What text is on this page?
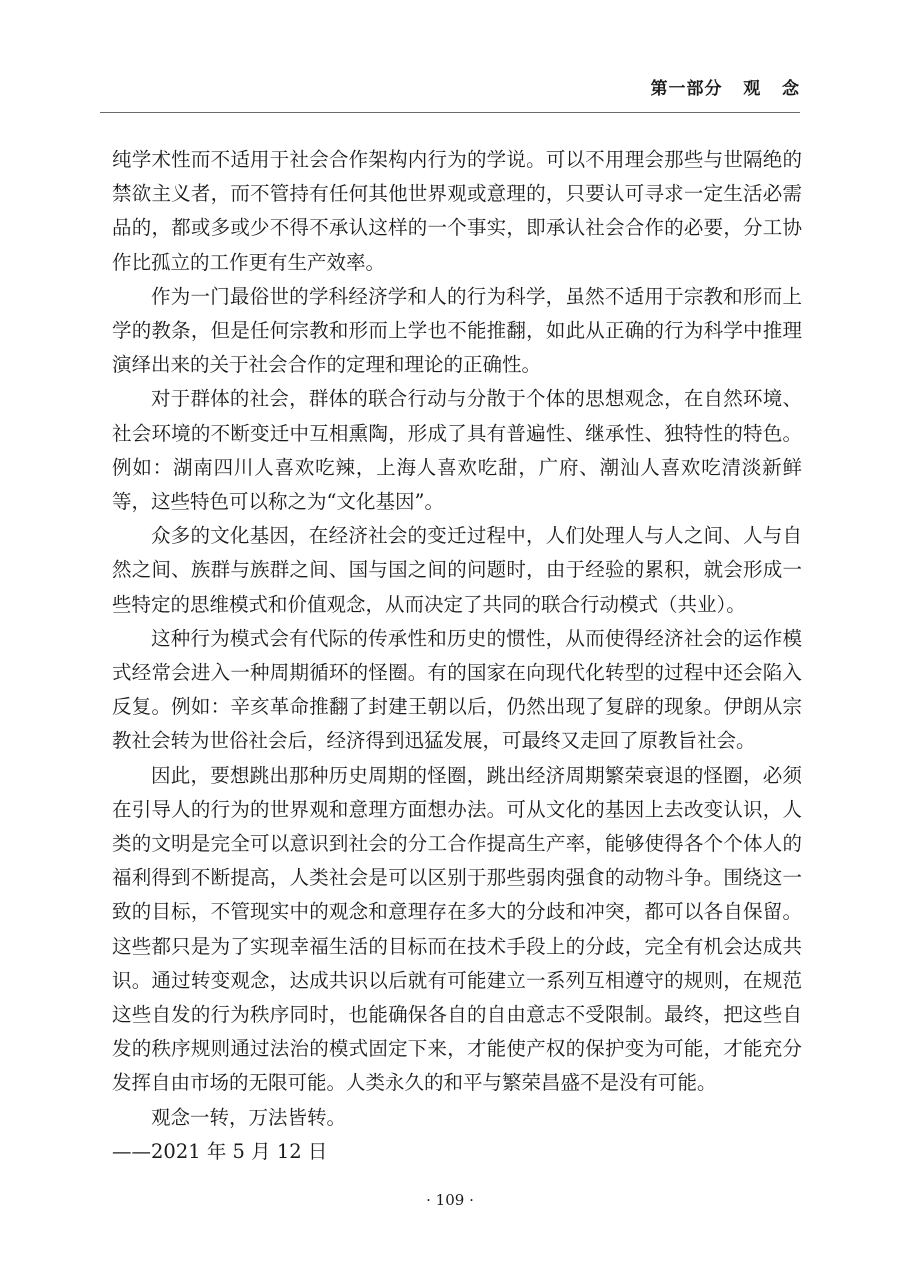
第一部分   观   念

纯学术性而不适用于社会合作架构内行为的学说。可以不用理会那些与世隔绝的禁欲主义者，而不管持有任何其他世界观或意理的，只要认可寻求一定生活必需品的，都或多或少不得不承认这样的一个事实，即承认社会合作的必要，分工协作比孤立的工作更有生产效率。

作为一门最俗世的学科经济学和人的行为科学，虽然不适用于宗教和形而上学的教条，但是任何宗教和形而上学也不能推翻，如此从正确的行为科学中推理演绎出来的关于社会合作的定理和理论的正确性。

对于群体的社会，群体的联合行动与分散于个体的思想观念，在自然环境、社会环境的不断变迁中互相熏陶，形成了具有普遍性、继承性、独特性的特色。例如：湖南四川人喜欢吃辣，上海人喜欢吃甜，广府、潮汕人喜欢吃清淡新鲜等，这些特色可以称之为“文化基因”。

众多的文化基因，在经济社会的变迁过程中，人们处理人与人之间、人与自然之间、族群与族群之间、国与国之间的问题时，由于经验的累积，就会形成一些特定的思维模式和价值观念，从而决定了共同的联合行动模式（共业）。

这种行为模式会有代际的传承性和历史的惯性，从而使得经济社会的运作模式经常会进入一种周期循环的怪圈。有的国家在向现代化转型的过程中还会陷入反复。例如：辛亥革命推翻了封建王朝以后，仍然出现了复辟的现象。伊朗从宗教社会转为世俗社会后，经济得到迅猛发展，可最终又走回了原教旨社会。

因此，要想跳出那种历史周期的怪圈，跳出经济周期繁荣衰退的怪圈，必须在引导人的行为的世界观和意理方面想办法。可从文化的基因上去改变认识，人类的文明是完全可以意识到社会的分工合作提高生产率，能够使得各个个体人的福利得到不断提高，人类社会是可以区别于那些弱肉强食的动物斗争。围绕这一致的目标，不管现实中的观念和意理存在多大的分歧和冲突，都可以各自保留。这些都只是为了实现幸福生活的目标而在技术手段上的分歧，完全有机会达成共识。通过转变观念，达成共识以后就有可能建立一系列互相遵守的规则，在规范这些自发的行为秩序同时，也能确保各自的自由意志不受限制。最终，把这些自发的秩序规则通过法治的模式固定下来，才能使产权的保护变为可能，才能充分发挥自由市场的无限可能。人类永久的和平与繁荣昌盛不是没有可能。

观念一转，万法皆转。

——2021 年 5 月 12 日

· 109 ·
